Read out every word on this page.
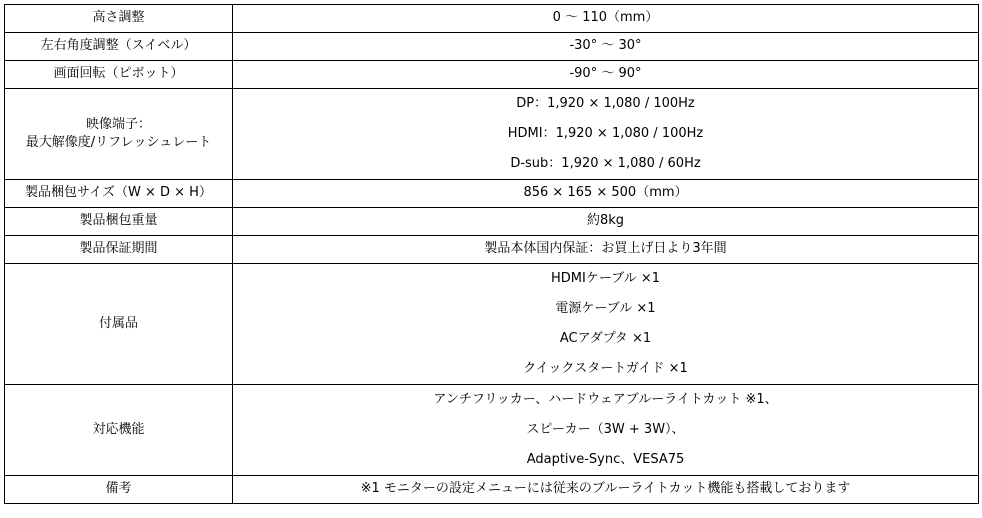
高さ調整	0 ～ 110（mm）
左右角度調整（スイベル）	-30° ～ 30°
画面回転（ピボット）	-90° ～ 90°

映像端子：
最大解像度/リフレッシュレート	DP：1,920 × 1,080 / 100Hz
HDMI：1,920 × 1,080 / 100Hz
D-sub：1,920 × 1,080 / 60Hz

製品梱包サイズ（W × D × H）	856 × 165 × 500（mm）
製品梱包重量	約8kg
製品保証期間	製品本体国内保証：お買上げ日より3年間
付属品	HDMIケーブル ×1
電源ケーブル ×1
ACアダプタ ×1
クイックスタートガイド ×1

対応機能	アンチフリッカー、ハードウェアブルーライトカット ※1、
スピーカー（3W + 3W）、
Adaptive-Sync、VESA75

備考	※1 モニターの設定メニューには従来のブルーライトカット機能も搭載しております
